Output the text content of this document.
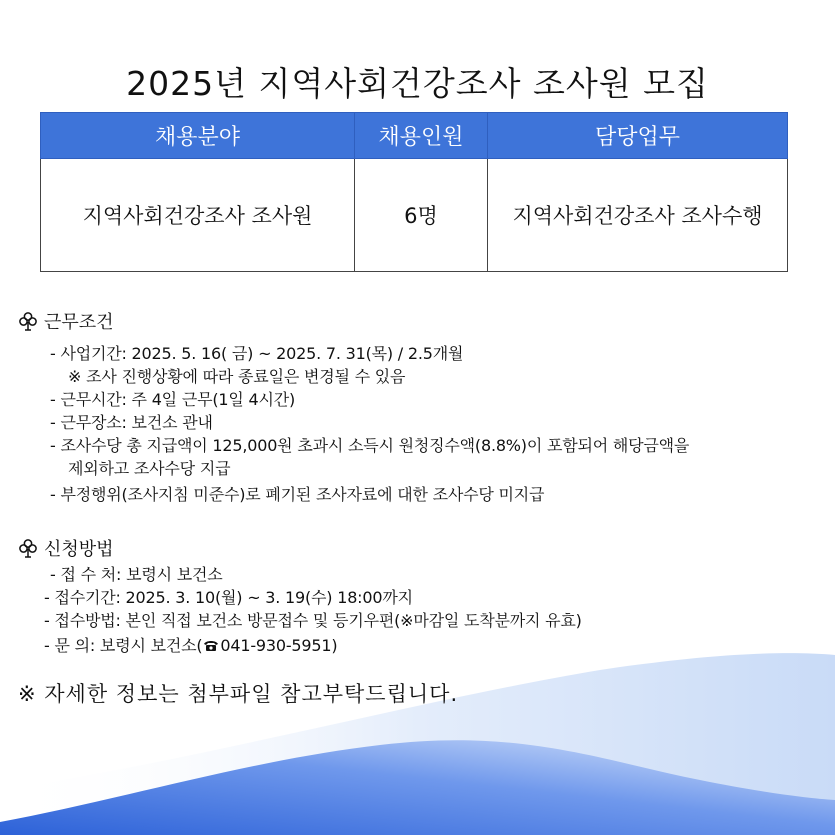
2025년 지역사회건강조사 조사원 모집
채용분야	채용인원	담당업무
지역사회건강조사 조사원	6명	지역사회건강조사 조사수행
근무조건
- 사업기간: 2025. 5. 16( 금) ~ 2025. 7. 31(목) / 2.5개월
※ 조사 진행상황에 따라 종료일은 변경될 수 있음
- 근무시간: 주 4일 근무(1일 4시간)
- 근무장소: 보건소 관내
- 조사수당 총 지급액이 125,000원 초과시 소득시 원청징수액(8.8%)이 포함되어 해당금액을
제외하고 조사수당 지급
- 부정행위(조사지침 미준수)로 폐기된 조사자료에 대한 조사수당 미지급
신청방법
- 접 수 처: 보령시 보건소
- 접수기간: 2025. 3. 10(월) ~ 3. 19(수) 18:00까지
- 접수방법: 본인 직접 보건소 방문접수 및 등기우편(※마감일 도착분까지 유효)
- 문 의: 보령시 보건소( 041-930-5951)
※ 자세한 정보는 첨부파일 참고부탁드립니다.
